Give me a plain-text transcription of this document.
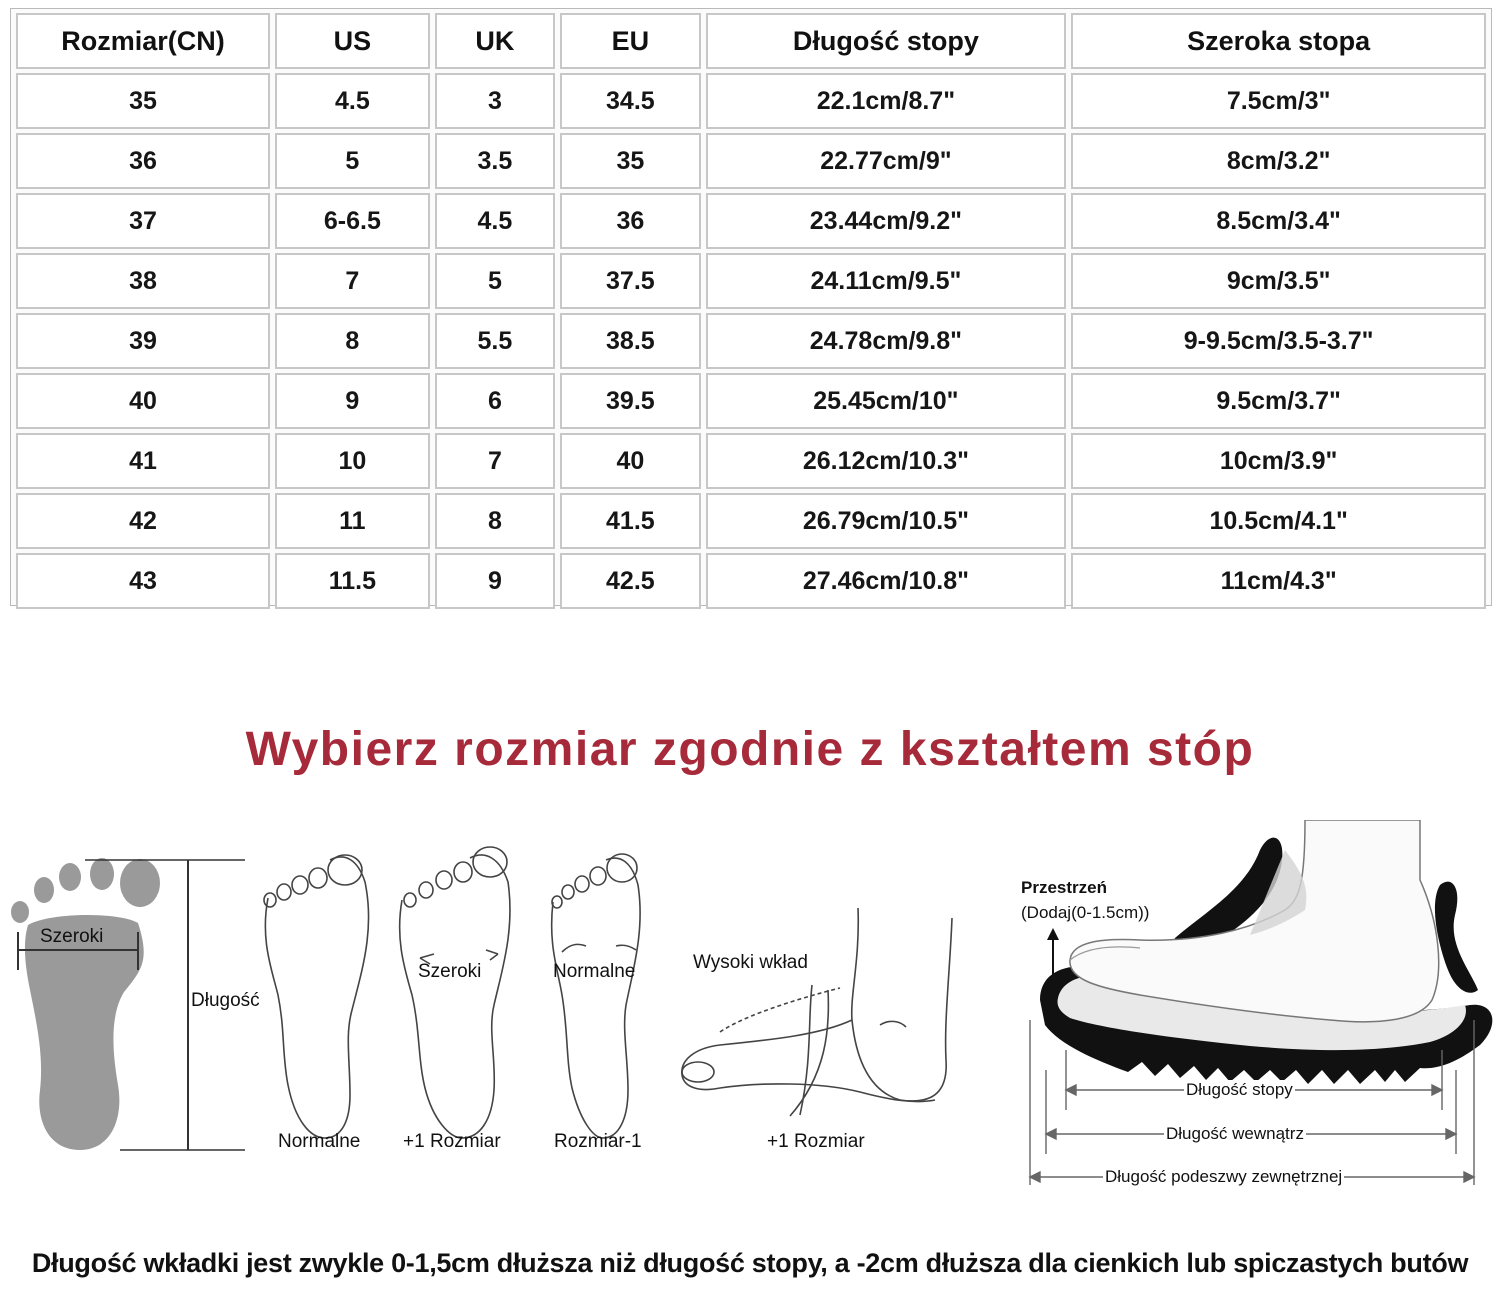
Rozmiar(CN)	US	UK	EU	Długość stopy	Szeroka stopa
35	4.5	3	34.5	22.1cm/8.7"	7.5cm/3"
36	5	3.5	35	22.77cm/9"	8cm/3.2"
37	6-6.5	4.5	36	23.44cm/9.2"	8.5cm/3.4"
38	7	5	37.5	24.11cm/9.5"	9cm/3.5"
39	8	5.5	38.5	24.78cm/9.8"	9-9.5cm/3.5-3.7"
40	9	6	39.5	25.45cm/10"	9.5cm/3.7"
41	10	7	40	26.12cm/10.3"	10cm/3.9"
42	11	8	41.5	26.79cm/10.5"	10.5cm/4.1"
43	11.5	9	42.5	27.46cm/10.8"	11cm/4.3"
Wybierz rozmiar zgodnie z kształtem stóp
Szeroki
Długość
Szeroki	Normalne	Wysoki wkład
Normalne +1 Rozmiar	Rozmiar-1	+1 Rozmiar
Przestrzeń
(Dodaj(0-1.5cm))
Długość stopy
Długość wewnątrz
Długość podeszwy zewnętrznej
Długość wkładki jest zwykle 0-1,5cm dłuższa niż długość stopy, a -2cm dłuższa dla cienkich lub spiczastych butów
